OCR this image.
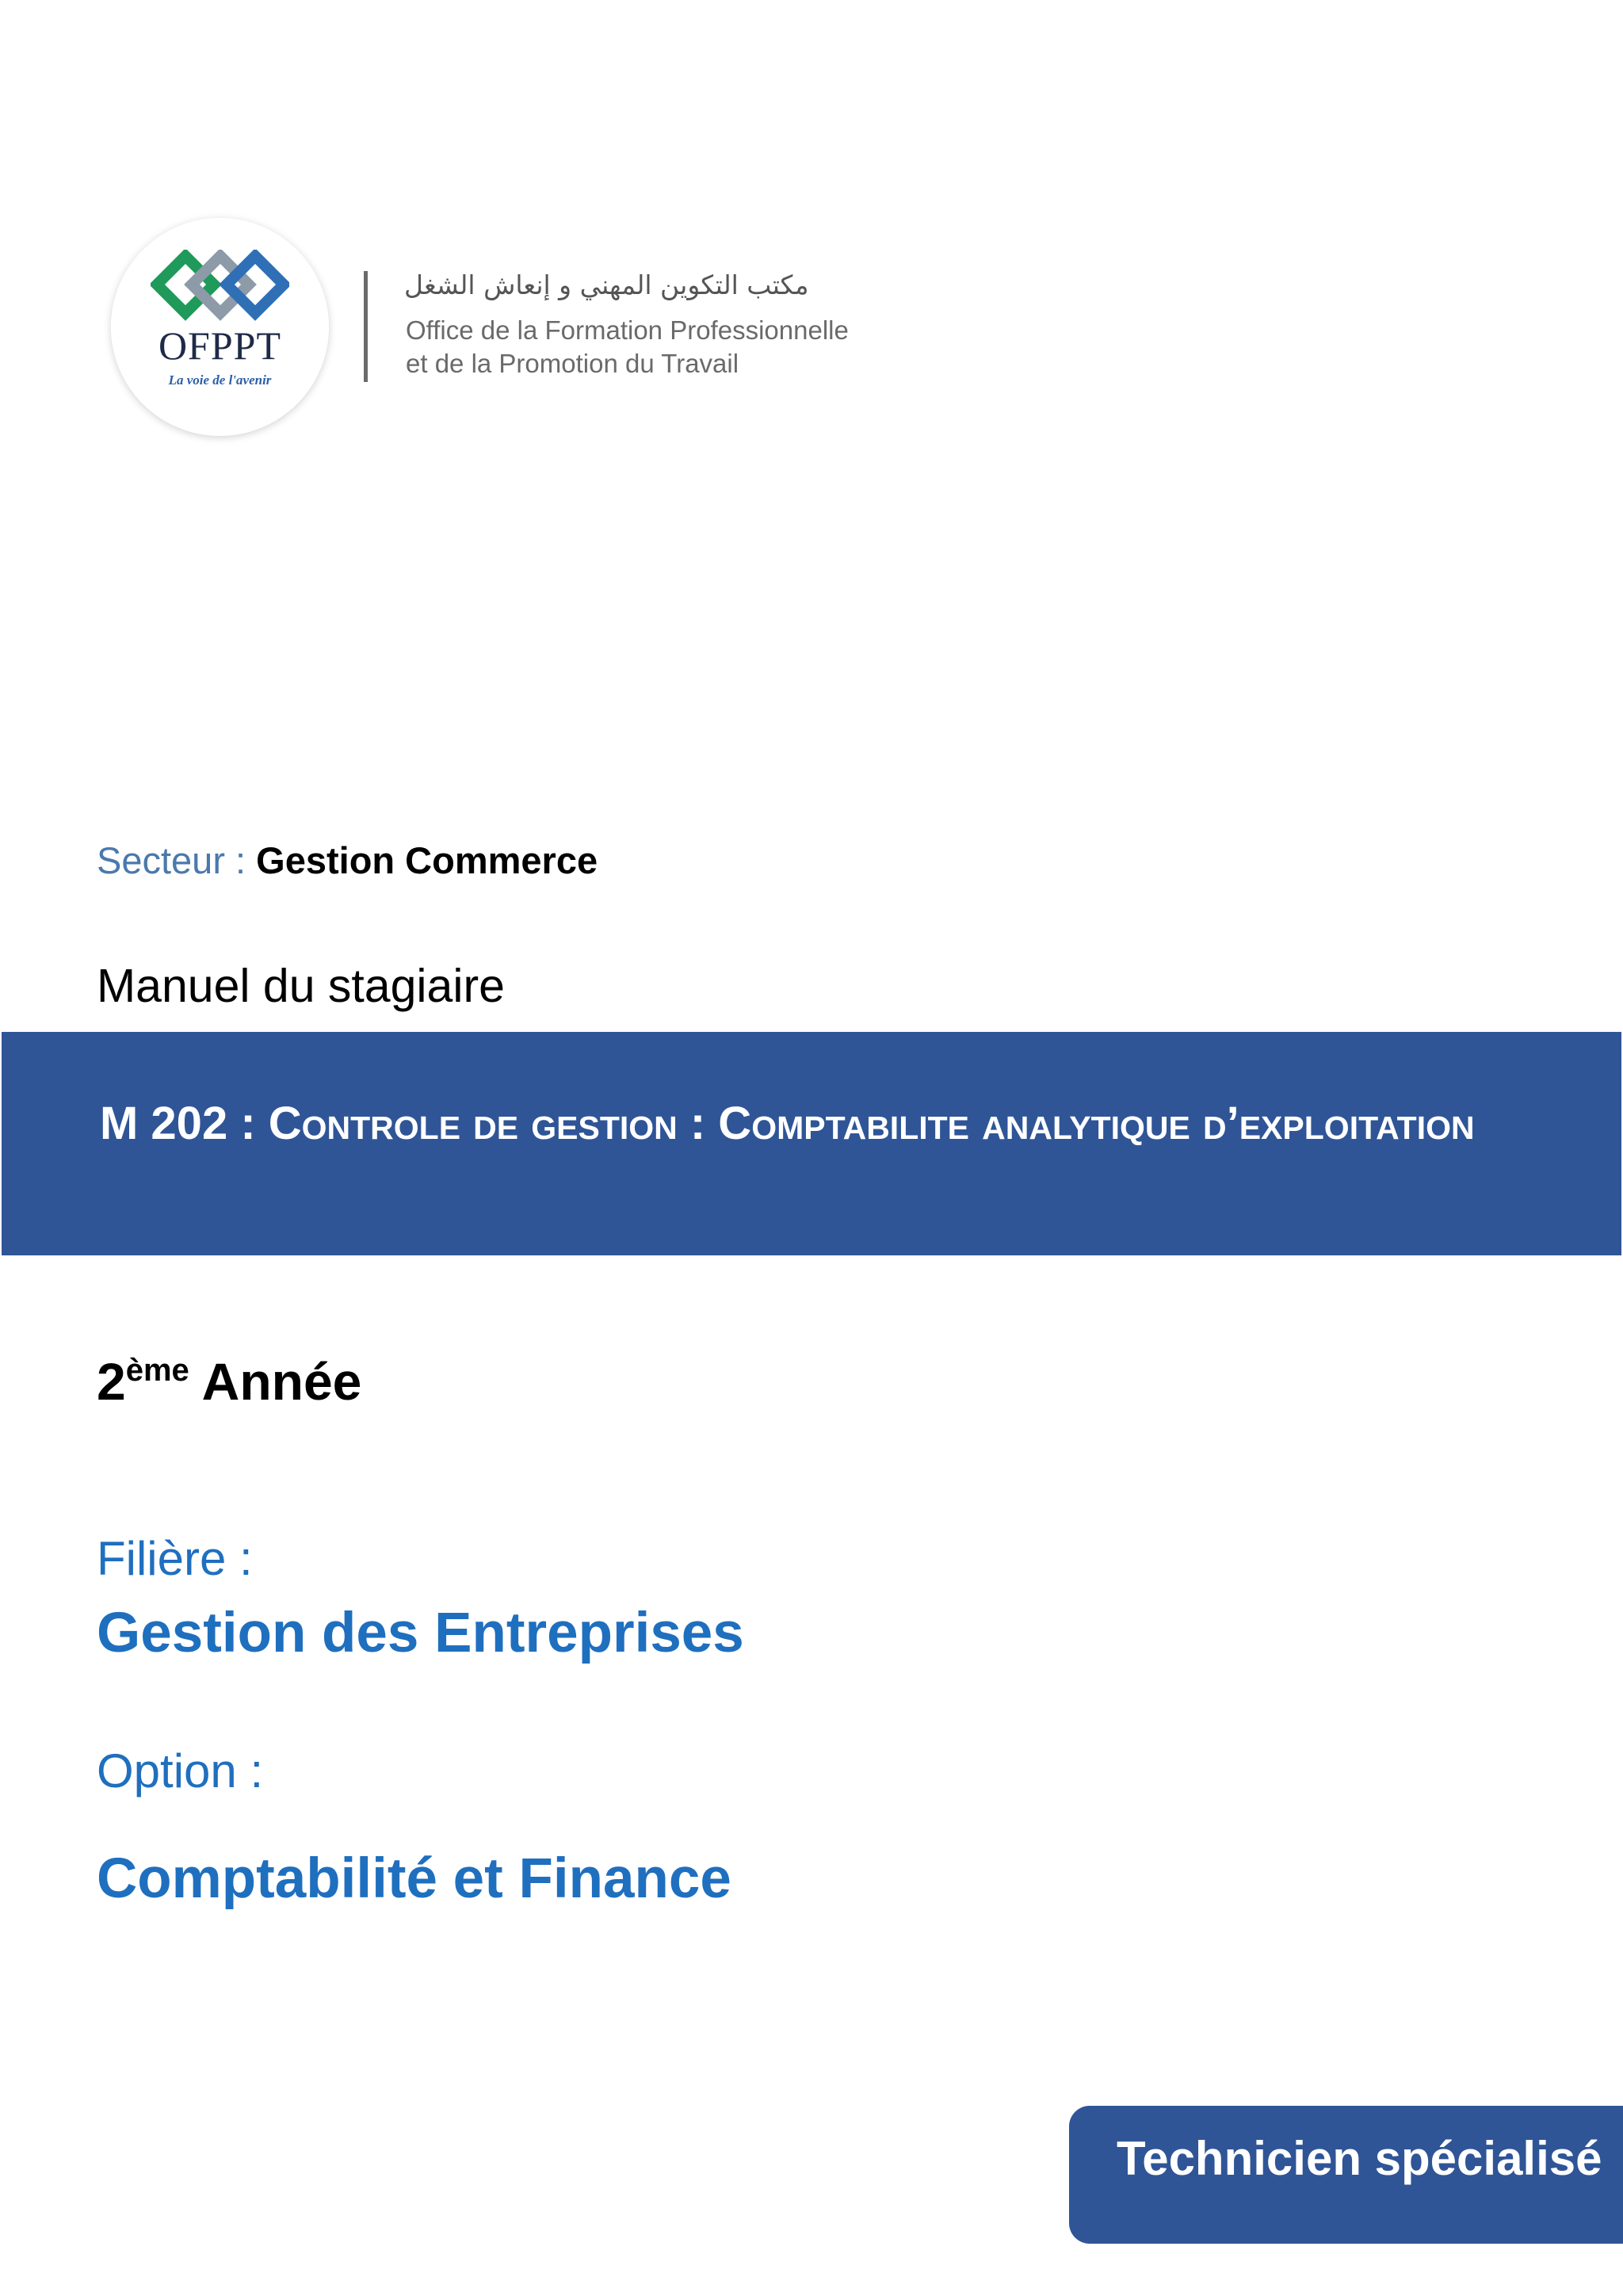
OFPPT
La voie de l'avenir
مكتب التكوين المهني و إنعاش الشغل
Office de la Formation Professionnelle
et de la Promotion du Travail
Secteur : Gestion Commerce
Manuel du stagiaire
M 202 : Controle de gestion : Comptabilite analytique d’exploitation
2ème Année
Filière :
Gestion des Entreprises
Option :
Comptabilité et Finance
Technicien spécialisé
